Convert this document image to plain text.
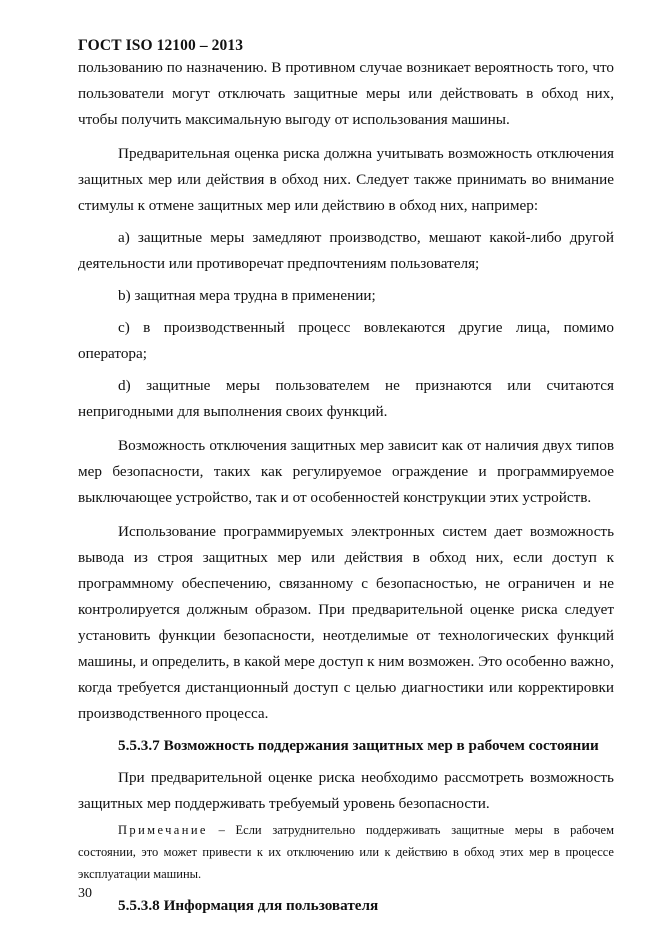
ГОСТ ISO 12100 – 2013

пользованию по назначению. В противном случае возникает вероятность того, что пользователи могут отключать защитные меры или действовать в обход них, чтобы получить максимальную выгоду от использования машины.

Предварительная оценка риска должна учитывать возможность отключения защитных мер или действия в обход них. Следует также принимать во внимание стимулы к отмене защитных мер или действию в обход них, например:

а) защитные меры замедляют производство, мешают какой-либо другой деятельности или противоречат предпочтениям пользователя;

b) защитная мера трудна в применении;

с) в производственный процесс вовлекаются другие лица, помимо оператора;

d) защитные меры пользователем не признаются или считаются непригодными для выполнения своих функций.

Возможность отключения защитных мер зависит как от наличия двух типов мер безопасности, таких как регулируемое ограждение и программируемое выключающее устройство, так и от особенностей конструкции этих устройств.

Использование программируемых электронных систем дает возможность вывода из строя защитных мер или действия в обход них, если доступ к программному обеспечению, связанному с безопасностью, не ограничен и не контролируется должным образом. При предварительной оценке риска следует установить функции безопасности, неотделимые от технологических функций машины, и определить, в какой мере доступ к ним возможен. Это особенно важно, когда требуется дистанционный доступ с целью диагностики или корректировки производственного процесса.

5.5.3.7 Возможность поддержания защитных мер в рабочем состоянии

При предварительной оценке риска необходимо рассмотреть возможность защитных мер поддерживать требуемый уровень безопасности.

Примечание – Если затруднительно поддерживать защитные меры в рабочем состоянии, это может привести к их отключению или к действию в обход этих мер в процессе эксплуатации машины.

5.5.3.8 Информация для пользователя

30
